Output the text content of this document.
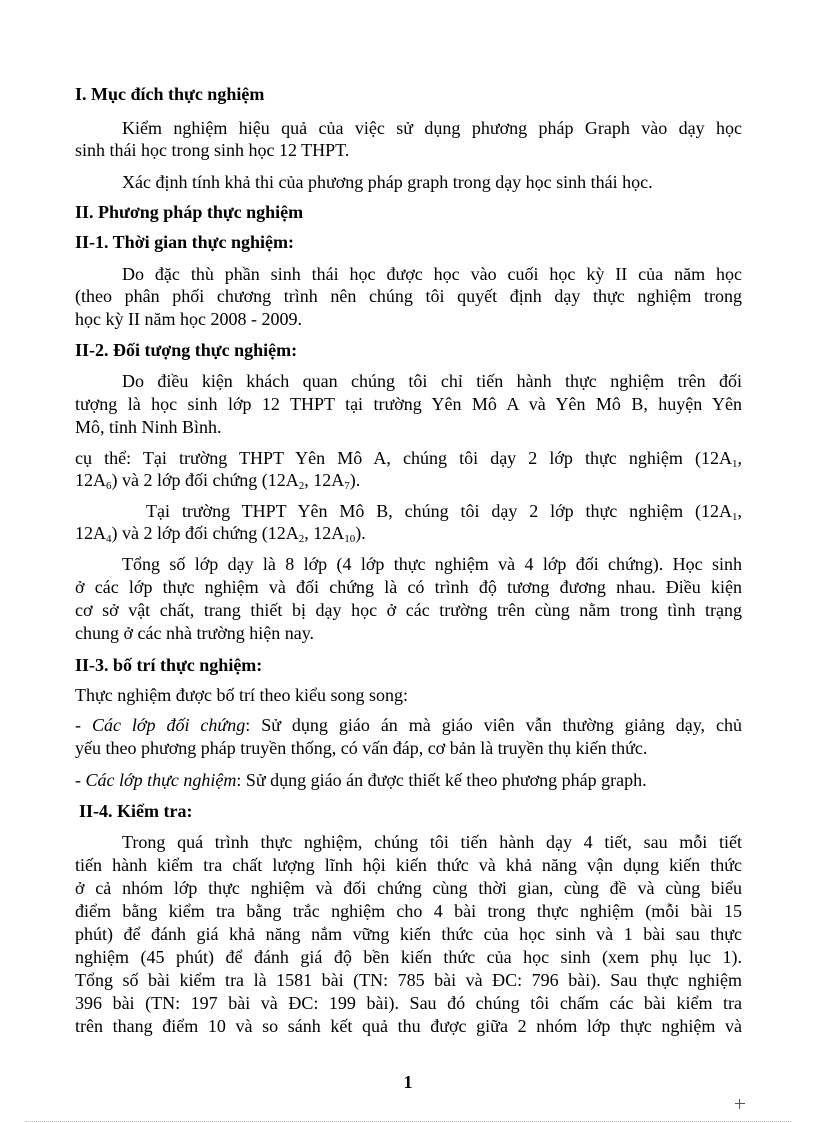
I. Mục đích thực nghiệm
Kiểm nghiệm hiệu quả của việc sử dụng phương pháp Graph vào dạy học
sinh thái học trong sinh học 12 THPT.
Xác định tính khả thi của phương pháp graph trong dạy học sinh thái học.
II. Phương pháp thực nghiệm
II-1. Thời gian thực nghiệm:
Do đặc thù phần sinh thái học được học vào cuối học kỳ II của năm học
(theo phân phối chương trình nên chúng tôi quyết định dạy thực nghiệm trong
học kỳ II năm học 2008 - 2009.
II-2. Đối tượng thực nghiệm:
Do điều kiện khách quan chúng tôi chỉ tiến hành thực nghiệm trên đối
tượng là học sinh lớp 12 THPT tại trường Yên Mô A và Yên Mô B, huyện Yên
Mô, tỉnh Ninh Bình.
cụ thể: Tại trường THPT Yên Mô A, chúng tôi dạy 2 lớp thực nghiệm ($12A_1$,
$12A_6$) và 2 lớp đối chứng ($12A_2$, $12A_7$).
Tại trường THPT Yên Mô B, chúng tôi dạy 2 lớp thực nghiệm ($12A_1$,
$12A_4$) và 2 lớp đối chứng ($12A_2$, $12A_{10}$).
Tổng số lớp dạy là 8 lớp (4 lớp thực nghiệm và 4 lớp đối chứng). Học sinh
ở các lớp thực nghiệm và đối chứng là có trình độ tương đương nhau. Điều kiện
cơ sở vật chất, trang thiết bị dạy học ở các trường trên cùng nằm trong tình trạng
chung ở các nhà trường hiện nay.
II-3. bố trí thực nghiệm:
Thực nghiệm được bố trí theo kiểu song song:
- Các lớp đối chứng: Sử dụng giáo án mà giáo viên vẫn thường giảng dạy, chủ
yếu theo phương pháp truyền thống, có vấn đáp, cơ bản là truyền thụ kiến thức.
- Các lớp thực nghiệm: Sử dụng giáo án được thiết kế theo phương pháp graph.
II-4. Kiểm tra:
Trong quá trình thực nghiệm, chúng tôi tiến hành dạy 4 tiết, sau mỗi tiết
tiến hành kiểm tra chất lượng lĩnh hội kiến thức và khả năng vận dụng kiến thức
ở cả nhóm lớp thực nghiệm và đối chứng cùng thời gian, cùng đề và cùng biểu
điểm bằng kiểm tra bằng trắc nghiệm cho 4 bài trong thực nghiệm (mỗi bài 15
phút) để đánh giá khả năng nắm vững kiến thức của học sinh và 1 bài sau thực
nghiệm (45 phút) để đánh giá độ bền kiến thức của học sinh (xem phụ lục 1).
Tổng số bài kiểm tra là 1581 bài (TN: 785 bài và ĐC: 796 bài). Sau thực nghiệm
396 bài (TN: 197 bài và ĐC: 199 bài). Sau đó chúng tôi chấm các bài kiểm tra
trên thang điểm 10 và so sánh kết quả thu được giữa 2 nhóm lớp thực nghiệm và
1
